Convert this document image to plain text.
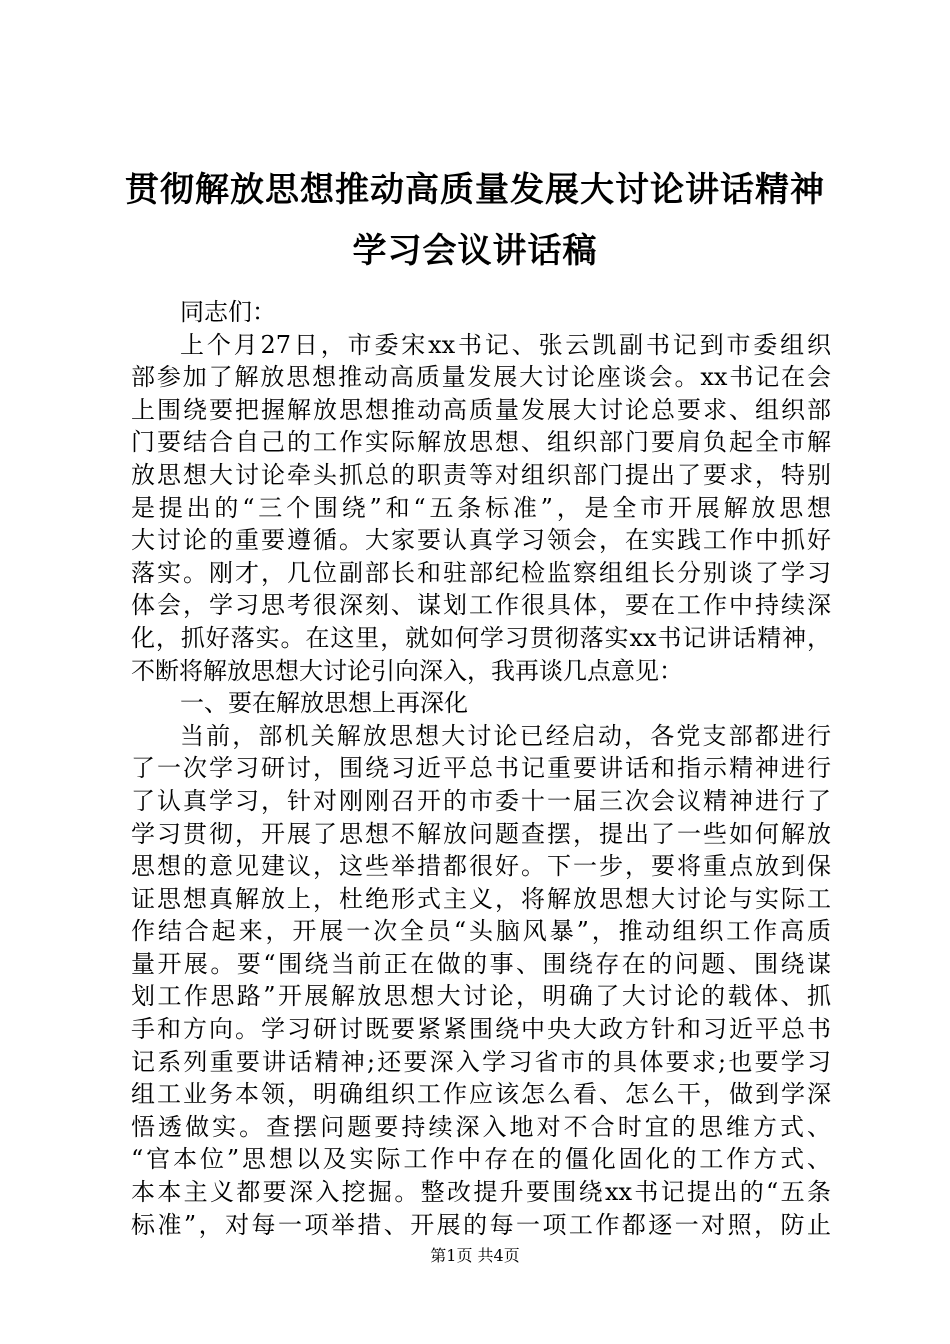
贯彻解放思想推动高质量发展大讨论讲话精神
学习会议讲话稿
同志们：
上个月27日，市委宋xx书记、张云凯副书记到市委组织
部参加了解放思想推动高质量发展大讨论座谈会。xx书记在会
上围绕要把握解放思想推动高质量发展大讨论总要求、组织部
门要结合自己的工作实际解放思想、组织部门要肩负起全市解
放思想大讨论牵头抓总的职责等对组织部门提出了要求，特别
是提出的“三个围绕”和“五条标准”，是全市开展解放思想
大讨论的重要遵循。大家要认真学习领会，在实践工作中抓好
落实。刚才，几位副部长和驻部纪检监察组组长分别谈了学习
体会，学习思考很深刻、谋划工作很具体，要在工作中持续深
化，抓好落实。在这里，就如何学习贯彻落实xx书记讲话精神，
不断将解放思想大讨论引向深入，我再谈几点意见：
一、要在解放思想上再深化
当前，部机关解放思想大讨论已经启动，各党支部都进行
了一次学习研讨，围绕习近平总书记重要讲话和指示精神进行
了认真学习，针对刚刚召开的市委十一届三次会议精神进行了
学习贯彻，开展了思想不解放问题查摆，提出了一些如何解放
思想的意见建议，这些举措都很好。下一步，要将重点放到保
证思想真解放上，杜绝形式主义，将解放思想大讨论与实际工
作结合起来，开展一次全员“头脑风暴”，推动组织工作高质
量开展。要“围绕当前正在做的事、围绕存在的问题、围绕谋
划工作思路”开展解放思想大讨论，明确了大讨论的载体、抓
手和方向。学习研讨既要紧紧围绕中央大政方针和习近平总书
记系列重要讲话精神;还要深入学习省市的具体要求;也要学习
组工业务本领，明确组织工作应该怎么看、怎么干，做到学深
悟透做实。查摆问题要持续深入地对不合时宜的思维方式、
“官本位”思想以及实际工作中存在的僵化固化的工作方式、
本本主义都要深入挖掘。整改提升要围绕xx书记提出的“五条
标准”，对每一项举措、开展的每一项工作都逐一对照，防止
第1页 共4页
